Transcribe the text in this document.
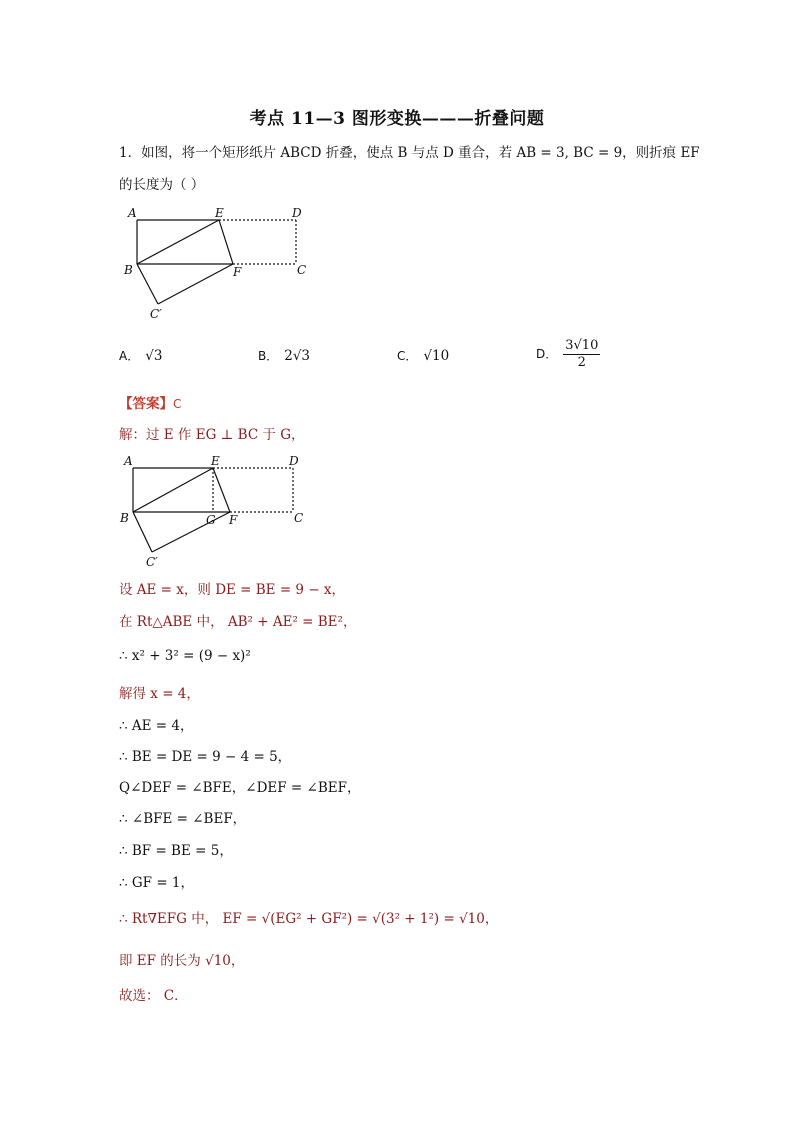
考点 11—3 图形变换———折叠问题
1．如图，将一个矩形纸片 ABCD 折叠，使点 B 与点 D 重合，若 AB = 3, BC = 9，则折痕 EF
的长度为（ ）
A	E	D
B	F	C
C′
A． √3	B． 2√3	C． √10	D． $\frac{3√10}{2}$
【答案】C
解：过 E 作 EG ⊥ BC 于 G，
A	E	D
B	G F	C
C′
设 AE = x，则 DE = BE = 9 − x，
在 Rt△ABE 中， AB² + AE² = BE²，
∴ x² + 3² = (9 − x)²
解得 x = 4，
∴ AE = 4，
∴ BE = DE = 9 − 4 = 5，
Q∠DEF = ∠BFE，∠DEF = ∠BEF，
∴ ∠BFE = ∠BEF，
∴ BF = BE = 5，
∴ GF = 1，
∴ Rt∇EFG 中， EF = √(EG² + GF²) = √(3² + 1²) = √10，
即 EF 的长为 √10，
故选： C．
